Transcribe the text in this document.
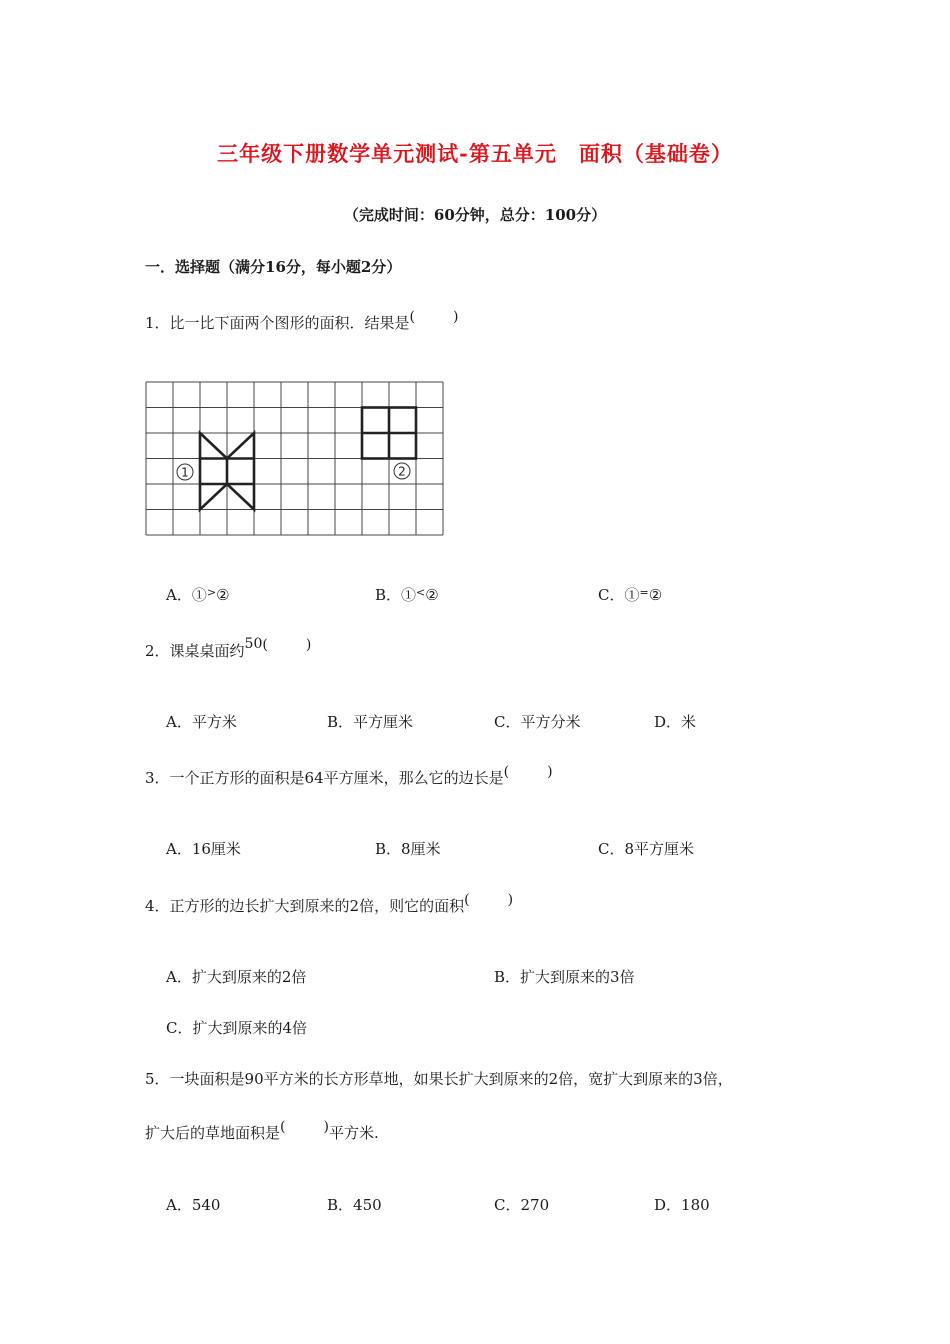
三年级下册数学单元测试-第五单元　面积（基础卷）
（完成时间：60分钟，总分：100分）
一．选择题（满分16分，每小题2分）
1．比一比下面两个图形的面积．结果是(	)
1	2
A．①>②	B．①<②	C．①=②
2．课桌桌面约50(	)
A．平方米	B．平方厘米	C．平方分米	D．米
3．一个正方形的面积是64平方厘米，那么它的边长是(	)
A．16厘米	B．8厘米	C．8平方厘米
4．正方形的边长扩大到原来的2倍，则它的面积(	)
A．扩大到原来的2倍	B．扩大到原来的3倍
C．扩大到原来的4倍
5．一块面积是90平方米的长方形草地，如果长扩大到原来的2倍，宽扩大到原来的3倍，
扩大后的草地面积是(	)平方米.
A．540	B．450	C．270	D．180
